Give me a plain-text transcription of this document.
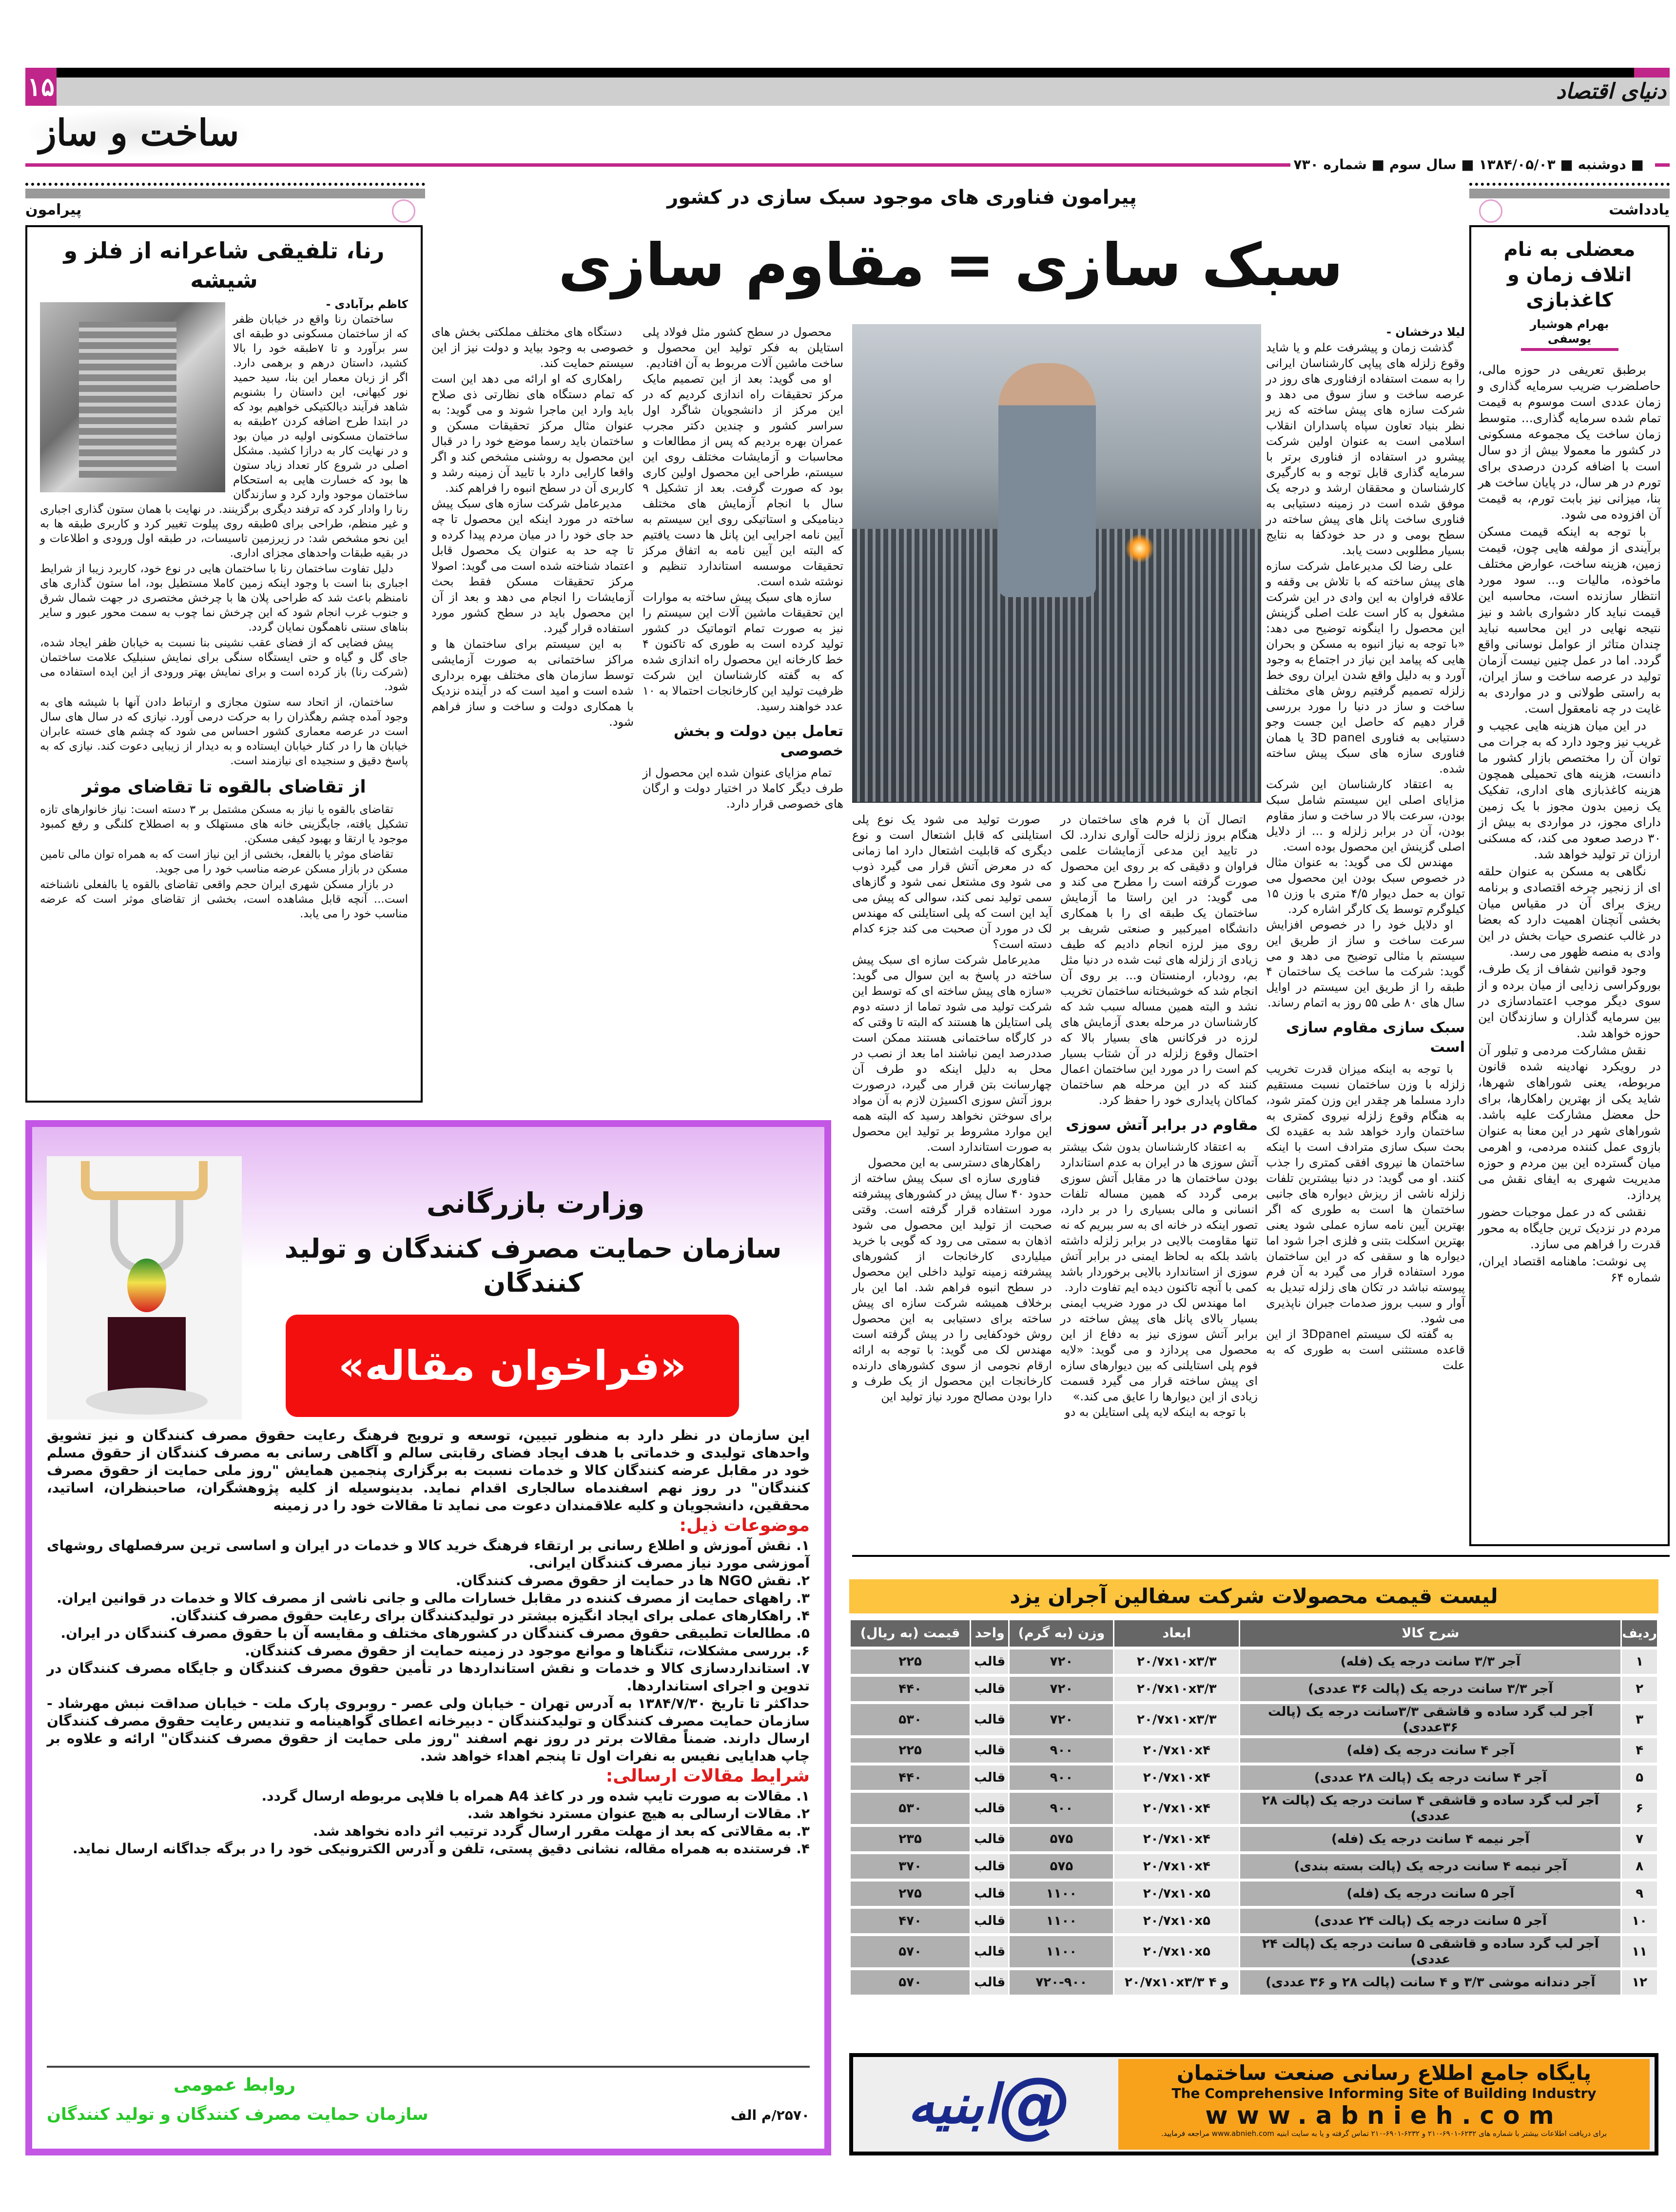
۱۵	دنیای اقتصاد
ساخت و ساز
■ دوشنبه ■ ۱۳۸۴/۰۵/۰۳ ■ سال سوم ■ شماره ۷۳۰
یادداشت
پیرامون
پیرامون فناوری های موجود سبک سازی در کشور
سبک سازی = مقاوم سازی
لیلا درخشان -

گذشت زمان و پیشرفت علم و یا شاید وقوع زلزله های پیاپی کارشناسان ایرانی را به سمت استفاده ازفناوری های روز در عرصه ساخت و ساز سوق می دهد و شرکت سازه های پیش ساخته که زیر نظر بنیاد تعاون سپاه پاسداران انقلاب اسلامی است به عنوان اولین شرکت پیشرو در استفاده از فناوری برتر با سرمایه گذاری قابل توجه و به کارگیری کارشناسان و محققان ارشد و درجه یک موفق شده است در زمینه دستیابی به فناوری ساخت پانل های پیش ساخته در سطح بومی و در حد خودکفا به نتایج بسیار مطلوبی دست یابد.

علی رضا لک مدیرعامل شرکت سازه های پیش ساخته که با تلاش بی وقفه و علاقه فراوان به این وادی در این شرکت مشغول به کار است علت اصلی گزینش این محصول را اینگونه توضیح می دهد: «با توجه به نیاز انبوه به مسکن و بحران هایی که پیامد این نیاز در اجتماع به وجود آورد و به دلیل واقع شدن ایران روی خط زلزله تصمیم گرفتیم روش های مختلف ساخت و ساز در دنیا را مورد بررسی قرار دهیم که حاصل این جست وجو دستیابی به فناوری 3D panel یا همان فناوری سازه های سبک پیش ساخته شده.

به اعتقاد کارشناسان این شرکت مزایای اصلی این سیستم شامل سبک بودن، سرعت بالا در ساخت و ساز مقاوم بودن، آن در برابر زلزله و ... از دلایل اصلی گزینش این محصول بوده است.

مهندس لک می گوید: به عنوان مثال در خصوص سبک بودن این محصول می توان به حمل دیوار ۴/۵ متری با وزن ۱۵ کیلوگرم توسط یک کارگر اشاره کرد.

او دلایل خود را در خصوص افزایش سرعت ساخت و ساز از طریق این سیستم با مثالی توضیح می دهد و می گوید: شرکت ما ساخت یک ساختمان ۴ طبقه را از طریق این سیستم در اوایل سال های ۸۰ طی ۵۵ روز به اتمام رساند.

سبک سازی مقاوم سازی است

با توجه به اینکه میزان قدرت تخریب زلزله با وزن ساختمان نسبت مستقیم دارد مسلما هر چقدر این وزن کمتر شود، به هنگام وقوع زلزله نیروی کمتری به ساختمان وارد خواهد شد به عقیده لک بحث سبک سازی مترادف است با اینکه ساختمان ها نیروی افقی کمتری را جذب کنند. او می گوید: در دنیا بیشترین تلفات زلزله ناشی از ریزش دیواره های جانبی ساختمان ها است به طوری که اگر بهترین آیین نامه سازه عملی شود یعنی بهترین اسکلت بتنی و فلزی اجرا شود اما دیواره ها و سقفی که در این ساختمان مورد استفاده قرار می گیرد به آن فرم پیوسته نباشد در تکان های زلزله تبدیل به آوار و سبب بروز صدمات جبران ناپذیری می شود.

به گفته لک سیستم 3Dpanel از این قاعده مستثنی است به طوری که به علت

اتصال آن با فرم های ساختمان در هنگام بروز زلزله حالت آواری ندارد. لک در تایید این مدعی آزمایشات علمی فراوان و دقیقی که بر روی این محصول صورت گرفته است را مطرح می کند و می گوید: در این راستا ما آزمایش ساختمان یک طبقه ای را با همکاری دانشگاه امیرکبیر و صنعتی شریف بر روی میز لرزه انجام دادیم که طیف زیادی از زلزله های ثبت شده در دنیا مثل بم، رودبار، ارمنستان و... بر روی آن انجام شد که خوشبختانه ساختمان تخریب نشد و البته همین مساله سبب شد که کارشناسان در مرحله بعدی آزمایش های لرزه در فرکانس های بسیار بالا که احتمال وقوع زلزله در آن شتاب بسیار کم است را در مورد این ساختمان اعمال کنند که در این مرحله هم ساختمان کماکان پایداری خود را حفظ کرد.

مقاوم در برابر آتش سوزی

به اعتقاد کارشناسان بدون شک بیشتر آتش سوزی ها در ایران به عدم استاندارد بودن ساختمان ها در مقابل آتش سوزی برمی گردد که همین مساله تلفات انسانی و مالی بسیاری را در بر دارد، تصور اینکه در خانه ای به سر ببریم که نه تنها مقاومت بالایی در برابر زلزله داشته باشد بلکه به لحاظ ایمنی در برابر آتش سوزی از استاندارد بالایی برخوردار باشد کمی با آنچه تاکنون دیده ایم تفاوت دارد.

اما مهندس لک در مورد ضریب ایمنی بسیار بالای پانل های پیش ساخته در برابر آتش سوزی نیز به دفاع از این محصول می پردازد و می گوید: «لایه فوم پلی استایلنی که بین دیوارهای سازه ای پیش ساخته قرار می گیرد قسمت زیادی از این دیوارها را عایق می کند.»

با توجه به اینکه لایه پلی استایلن به دو

صورت تولید می شود یک نوع پلی استایلنی که قابل اشتعال است و نوع دیگری که قابلیت اشتعال دارد اما زمانی که در معرض آتش قرار می گیرد ذوب می شود وی مشتعل نمی شود و گازهای سمی تولید نمی کند، سوالی که پیش می آید این است که پلی استایلنی که مهندس لک در مورد آن صحبت می کند جزء کدام دسته است؟

مدیرعامل شرکت سازه ای سبک پیش ساخته در پاسخ به این سوال می گوید: «سازه های پیش ساخته ای که توسط این شرکت تولید می شود تماما از دسته دوم پلی استایلن ها هستند که البته تا وقتی که در کارگاه ساختمانی هستند ممکن است صددرصد ایمن نباشند اما بعد از نصب در محل به دلیل اینکه دو طرف آن چهارسانت بتن قرار می گیرد، درصورت بروز آتش سوزی اکسیژن لازم به آن مواد برای سوختن نخواهد رسید که البته همه این موارد مشروط بر تولید این محصول به صورت استاندارد است.

راهکارهای دسترسی به این محصول

فناوری سازه ای سبک پیش ساخته از حدود ۴۰ سال پیش در کشورهای پیشرفته مورد استفاده قرار گرفته است. وقتی صحبت از تولید این محصول می شود اذهان به سمتی می رود که گویی با خرید میلیاردی کارخانجات از کشورهای پیشرفته زمینه تولید داخلی این محصول در سطح انبوه فراهم شد. اما این بار برخلاف همیشه شرکت سازه ای پیش ساخته برای دستیابی به این محصول روش خودکفایی را در پیش گرفته است مهندس لک می گوید: با توجه به ارائه ارقام نجومی از سوی کشورهای دارنده کارخانجات این محصول از یک طرف و دارا بودن مصالح مورد نیاز تولید این

محصول در سطح کشور مثل فولاد پلی استایلن به فکر تولید این محصول و ساخت ماشین آلات مربوط به آن افتادیم.

او می گوید: بعد از این تصمیم مایک مرکز تحقیقات راه اندازی کردیم که در این مرکز از دانشجویان شاگرد اول سراسر کشور و چندین دکتر مجرب عمران بهره بردیم که پس از مطالعات و محاسبات و آزمایشات مختلف روی این سیستم، طراحی این محصول اولین کاری بود که صورت گرفت. بعد از تشکیل ۹ سال با انجام آزمایش های مختلف دینامیکی و استاتیکی روی این سیستم به آیین نامه اجرایی این پانل ها دست یافتیم که البته این آیین نامه به اتفاق مرکز تحقیقات موسسه استاندارد تنظیم و نوشته شده است.

سازه های سبک پیش ساخته به موارات این تحقیقات ماشین آلات این سیستم را نیز به صورت تمام اتوماتیک در کشور تولید کرده است به طوری که تاکنون ۴ خط کارخانه این محصول راه اندازی شده که به گفته کارشناسان این شرکت ظرفیت تولید این کارخانجات احتمالا به ۱۰ عدد خواهند رسید.

تعامل بین دولت و بخش خصوصی

تمام مزایای عنوان شده این محصول از طرف دیگر کاملا در اختیار دولت و ارگان های خصوصی قرار دارد.

دستگاه های مختلف مملکتی بخش های خصوصی به وجود بیاید و دولت نیز از این سیستم حمایت کند.

راهکاری که او ارائه می دهد این است که تمام دستگاه های نظارتی ذی صلاح باید وارد این ماجرا شوند و می گوید: به عنوان مثال مرکز تحقیقات مسکن و ساختمان باید رسما موضع خود را در قبال این محصول به روشنی مشخص کند و اگر واقعا کارایی دارد با تایید آن زمینه رشد و کاربری آن در سطح انبوه را فراهم کند.

مدیرعامل شرکت سازه های سبک پیش ساخته در مورد اینکه این محصول تا چه حد جای خود را در میان مردم پیدا کرده و تا چه حد به عنوان یک محصول قابل اعتماد شناخته شده است می گوید: اصولا مرکز تحقیقات مسکن فقط بحث آزمایشات را انجام می دهد و بعد از آن این محصول باید در سطح کشور مورد استفاده قرار گیرد.

به این سیستم برای ساختمان ها و مراکز ساختمانی به صورت آزمایشی توسط سازمان های مختلف بهره برداری شده است و امید است که در آینده نزدیک با همکاری دولت و ساخت و ساز فراهم شود.

معضلی به نام اتلاف زمان و کاغذبازی
بهرام هوشیار یوسفی

برطبق تعریفی در حوزه مالی، حاصلضرب ضریب سرمایه گذاری و زمان عددی است موسوم به قیمت تمام شده سرمایه گذاری... متوسط زمان ساخت یک مجموعه مسکونی در کشور ما معمولا بیش از دو سال است با اضافه کردن درصدی برای تورم در هر سال، در پایان ساخت هر بنا، میزانی نیز بابت تورم، به قیمت آن افزوده می شود.

با توجه به اینکه قیمت مسکن برآیندی از مولفه هایی چون، قیمت زمین، هزینه ساخت، عوارض مختلف ماخوذه، مالیات و... سود مورد انتظار سازنده است، محاسبه این قیمت نباید کار دشواری باشد و نیز نتیجه نهایی در این محاسبه نباید چندان متاثر از عوامل نوسانی واقع گردد. اما در عمل چنین نیست آزمان تولید در عرصه ساخت و ساز ایران، به راستی طولانی و در مواردی به غایت در چه نامعقول است.

در این میان هزینه هایی عجیب و غریب نیز وجود دارد که به جرات می توان آن را مختصص بازار کشور ما دانست، هزینه های تحمیلی همچون هزینه کاغذبازی های اداری، تفکیک یک زمین بدون مجوز با یک زمین دارای مجوز، در مواردی به بیش از ۳۰ درصد صعود می کند، که مسکنی ارزان تر تولید خواهد شد.

نگاهی به مسکن به عنوان حلقه ای از زنجیر چرخه اقتصادی و برنامه ریزی برای آن در مقیاس میان بخشی آنچنان اهمیت دارد که بعضا در غالب عنصری حیات بخش در این وادی به منصه ظهور می رسد.

وجود قوانین شفاف از یک طرف، بوروکراسی زدایی از میان برده و از سوی دیگر موجب اعتمادسازی در بین سرمایه گذاران و سازندگان این حوزه خواهد شد.

نقش مشارکت مردمی و تبلور آن در رویکرد نهادینه شده قانون مربوطه، یعنی شوراهای شهرها، شاید یکی از بهترین راهکارها، برای حل معضل مشارکت علیه باشد. شوراهای شهر در این معنا به عنوان بازوی عمل کننده مردمی، و اهرمی میان گسترده این بین مردم و حوزه مدیریت شهری به ایفای نقش می پردازد.

نقشی که در عمل موجبات حضور مردم در نزدیک ترین جایگاه به محور قدرت را فراهم می سازد.

پی نوشت: ماهنامه اقتصاد ایران، شماره ۶۴

رنا، تلفیقی شاعرانه از فلز و شیشه
کاظم برآبادی -

ساختمان رنا واقع در خیابان ظفر که از ساختمان مسکونی دو طبقه ای سر برآورد و تا ۷طبقه خود را بالا کشید، داستان درهم و برهمی دارد. اگر از زبان معمار این بنا، سید حمید نور کیهانی، این داستان را بشنویم شاهد فرآیند دیالکتیکی خواهیم بود که در ابتدا طرح اضافه کردن ۲طبقه به ساختمان مسکونی اولیه در میان بود و در نهایت کار به درازا کشید. مشکل اصلی در شروع کار تعداد زیاد ستون ها بود که خسارت هایی به استحکام ساختمان موجود وارد کرد و سازندگان رنا را وادار کرد که ترفند دیگری برگزینند. در نهایت با همان ستون گذاری اجباری و غیر منظم، طراحی برای ۵طبقه روی پیلوت تغییر کرد و کاربری طبقه ها به این نحو مشخص شد: در زیرزمین تاسیسات، در طبقه اول ورودی و اطلاعات و در بقیه طبقات واحدهای مجزای اداری.

دلیل تفاوت ساختمان رنا با ساختمان هایی در نوع خود، کاربرد زیبا از شرایط اجباری بنا است با وجود اینکه زمین کاملا مستطیل بود، اما ستون گذاری های نامنظم باعث شد که طراحی پلان ها با چرخش مختصری در جهت شمال شرق و جنوب غرب انجام شود که این چرخش نما چوب به سمت محور عبور و سایر بناهای سنتی ناهمگون نمایان گردد.

پیش فضایی که از فضای عقب نشینی بنا نسبت به خیابان ظفر ایجاد شده، جای گل و گیاه و حتی ایستگاه سنگی برای نمایش سنبلیک علامت ساختمان (شرکت رنا) باز کرده است و برای نمایش بهتر ورودی از این ایده استفاده می شود.

ساختمان، از اتحاد سه ستون مجازی و ارتباط دادن آنها با شیشه های به وجود آمده چشم رهگذران را به حرکت درمی آورد. نیازی که در سال های سال است در عرصه معماری کشور احساس می شود که چشم های خسته عابران خیابان ها را در کنار خیابان ایستاده و به دیدار از زیبایی دعوت کند. نیازی که به پاسخ دقیق و سنجیده ای نیازمند است.

از تقاضای بالقوه تا تقاضای موثر

تقاضای بالقوه یا نیاز به مسکن مشتمل بر ۳ دسته است: نیاز خانوارهای تازه تشکیل یافته، جایگزینی خانه های مستهلک و به اصطلاح کلنگی و رفع کمبود موجود یا ارتقا و بهبود کیفی مسکن.

تقاضای موثر یا بالفعل، بخشی از این نیاز است که به همراه توان مالی تامین مسکن در بازار مسکن عرضه مناسب خود را می جوید.

در بازار مسکن شهری ایران حجم واقعی تقاضای بالقوه یا بالفعلی ناشناخته است... آنچه قابل مشاهده است، بخشی از تقاضای موثر است که عرضه مناسب خود را می یابد.

وزارت بازرگانی
سازمان حمایت مصرف کنندگان و تولید کنندگان
«فراخوان مقاله»

این سازمان در نظر دارد به منظور تبیین، توسعه و ترویج فرهنگ رعایت حقوق مصرف کنندگان و نیز تشویق واحدهای تولیدی و خدماتی با هدف ایجاد فضای رقابتی سالم و آگاهی رسانی به مصرف کنندگان از حقوق مسلم خود در مقابل عرضه کنندگان کالا و خدمات نسبت به برگزاری پنجمین همایش "روز ملی حمایت از حقوق مصرف کنندگان" در روز نهم اسفندماه سالجاری اقدام نماید. بدینوسیله از کلیه پژوهشگران، صاحبنظران، اساتید، محققین، دانشجویان و کلیه علاقمندان دعوت می نماید تا مقالات خود را در زمینه

موضوعات ذیل:

۱. نقش آموزش و اطلاع رسانی بر ارتقاء فرهنگ خرید کالا و خدمات در ایران و اساسی ترین سرفصلهای روشهای آموزشی مورد نیاز مصرف کنندگان ایرانی.

۲. نقش NGO ها در حمایت از حقوق مصرف کنندگان.

۳. راههای حمایت از مصرف کننده در مقابل خسارات مالی و جانی ناشی از مصرف کالا و خدمات در قوانین ایران.

۴. راهکارهای عملی برای ایجاد انگیزه بیشتر در تولیدکنندگان برای رعایت حقوق مصرف کنندگان.

۵. مطالعات تطبیقی حقوق مصرف کنندگان در کشورهای مختلف و مقایسه آن با حقوق مصرف کنندگان در ایران.

۶. بررسی مشکلات، تنگناها و موانع موجود در زمینه حمایت از حقوق مصرف کنندگان.

۷. استانداردسازی کالا و خدمات و نقش استانداردها در تأمین حقوق مصرف کنندگان و جایگاه مصرف کنندگان در تدوین و اجرای استانداردها.

حداکثر تا تاریخ ۱۳۸۴/۷/۳۰ به آدرس تهران - خیابان ولی عصر - روبروی پارک ملت - خیابان صداقت نبش مهرشاد - سازمان حمایت مصرف کنندگان و تولیدکنندگان - دبیرخانه اعطای گواهینامه و تندیس رعایت حقوق مصرف کنندگان ارسال دارند. ضمناً مقالات برتر در روز نهم اسفند "روز ملی حمایت از حقوق مصرف کنندگان" ارائه و علاوه بر چاپ هدایایی نفیس به نفرات اول تا پنجم اهداء خواهد شد.

شرایط مقالات ارسالی:

۱. مقالات به صورت تایپ شده ور در کاغذ A4 همراه با فلاپی مربوطه ارسال گردد.

۲. مقالات ارسالی به هیچ عنوان مسترد نخواهد شد.

۳. به مقالاتی که بعد از مهلت مقرر ارسال گردد ترتیب اثر داده نخواهد شد.

۴. فرستنده به همراه مقاله، نشانی دقیق پستی، تلفن و آدرس الکترونیکی خود را در برگه جداگانه ارسال نماید.

روابط عمومی
سازمان حمایت مصرف کنندگان و تولید کنندگان	۲۵۷۰/م الف
لیست قیمت محصولات شرکت سفالین آجران یزد
ردیف	شرح کالا	ابعاد	وزن (به گرم)	واحد	قیمت (به ریال)
۱	آجر ۳/۳ سانت درجه یک (فله)	۲۰/۷x۱۰x۳/۳	۷۲۰	قالب	۲۲۵
۲	آجر ۳/۳ سانت درجه یک (پالت ۳۶ عددی)	۲۰/۷x۱۰x۳/۳	۷۲۰	قالب	۴۴۰
۳	آجر لب گرد ساده و قاشقی ۳/۳سانت درجه یک (پالت ۳۶عددی)	۲۰/۷x۱۰x۳/۳	۷۲۰	قالب	۵۳۰
۴	آجر ۴ سانت درجه یک (فله)	۲۰/۷x۱۰x۴	۹۰۰	قالب	۲۲۵
۵	آجر ۴ سانت درجه یک (پالت ۲۸ عددی)	۲۰/۷x۱۰x۴	۹۰۰	قالب	۴۴۰
۶	آجر لب گرد ساده و قاشقی ۴ سانت درجه یک (پالت ۲۸ عددی)	۲۰/۷x۱۰x۴	۹۰۰	قالب	۵۳۰
۷	آجر نیمه ۴ سانت درجه یک (فله)	۲۰/۷x۱۰x۴	۵۷۵	قالب	۲۳۵
۸	آجر نیمه ۴ سانت درجه یک (پالت بسته بندی)	۲۰/۷x۱۰x۴	۵۷۵	قالب	۳۷۰
۹	آجر ۵ سانت درجه یک (فله)	۲۰/۷x۱۰x۵	۱۱۰۰	قالب	۲۷۵
۱۰	آجر ۵ سانت درجه یک (پالت ۲۴ عددی)	۲۰/۷x۱۰x۵	۱۱۰۰	قالب	۴۷۰
۱۱	آجر لب گرد ساده و قاشقی ۵ سانت درجه یک (پالت ۲۴ عددی)	۲۰/۷x۱۰x۵	۱۱۰۰	قالب	۵۷۰
۱۲	آجر دندانه موشی ۳/۳ و ۴ سانت (پالت ۲۸ و ۳۶ عددی)	۲۰/۷x۱۰x۳/۳ و ۴	۷۲۰-۹۰۰	قالب	۵۷۰
@
ابنیه
پایگاه جامع اطلاع رسانی صنعت ساختمان
The Comprehensive Informing Site of Building Industry
www.abnieh.com
برای دریافت اطلاعات بیشتر با شماره های ۶۲۳۲-۶۹۰۱-۲۱۰ و ۶۲۳۲-۶۹۰۱-۲۱۰ تماس گرفته و یا به سایت ابنیه www.abnieh.com مراجعه فرمایید.
